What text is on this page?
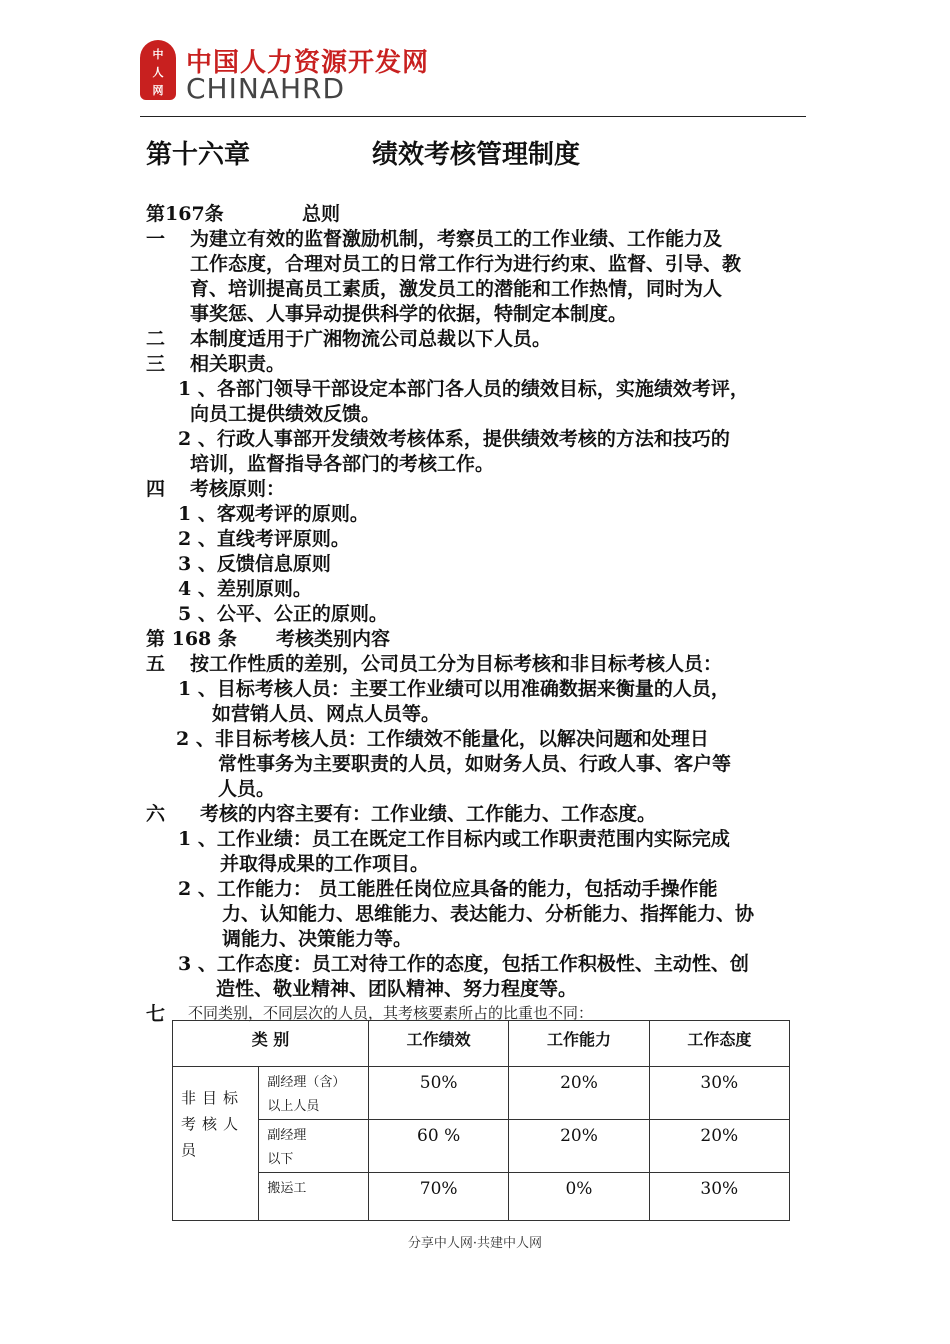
中
人
网
中国人力资源开发网
CHINAHRD
第十六章	绩效考核管理制度
第167条	总则
一 为建立有效的监督激励机制，考察员工的工作业绩、工作能力及
工作态度，合理对员工的日常工作行为进行约束、监督、引导、教
育、培训提高员工素质，激发员工的潜能和工作热情，同时为人
事奖惩、人事异动提供科学的依据，特制定本制度。
二 本制度适用于广湘物流公司总裁以下人员。
三 相关职责。
1 、各部门领导干部设定本部门各人员的绩效目标，实施绩效考评，
向员工提供绩效反馈。
2 、行政人事部开发绩效考核体系，提供绩效考核的方法和技巧的
培训，监督指导各部门的考核工作。
四 考核原则：
1 、客观考评的原则。
2 、直线考评原则。
3 、反馈信息原则
4 、差别原则。
5 、公平、公正的原则。
第 168 条 考核类别内容
五 按工作性质的差别，公司员工分为目标考核和非目标考核人员：
1 、目标考核人员：主要工作业绩可以用准确数据来衡量的人员，
如营销人员、网点人员等。
2 、非目标考核人员：工作绩效不能量化，以解决问题和处理日
常性事务为主要职责的人员，如财务人员、行政人事、客户等
人员。
六 考核的内容主要有：工作业绩、工作能力、工作态度。
1 、工作业绩：员工在既定工作目标内或工作职责范围内实际完成
并取得成果的工作项目。
2 、工作能力： 员工能胜任岗位应具备的能力，包括动手操作能
力、认知能力、思维能力、表达能力、分析能力、指挥能力、协
调能力、决策能力等。
3 、工作态度：员工对待工作的态度，包括工作积极性、主动性、创
造性、敬业精神、团队精神、努力程度等。
七 不同类别，不同层次的人员，其考核要素所占的比重也不同：
类 别		工作绩效	工作能力	工作态度
非目标考核人员	副经理（含）
以上人员	50%	20%	30%

	副经理
以下	60 %	20%	20%

	搬运工	70%	0%	30%
分享中人网·共建中人网
